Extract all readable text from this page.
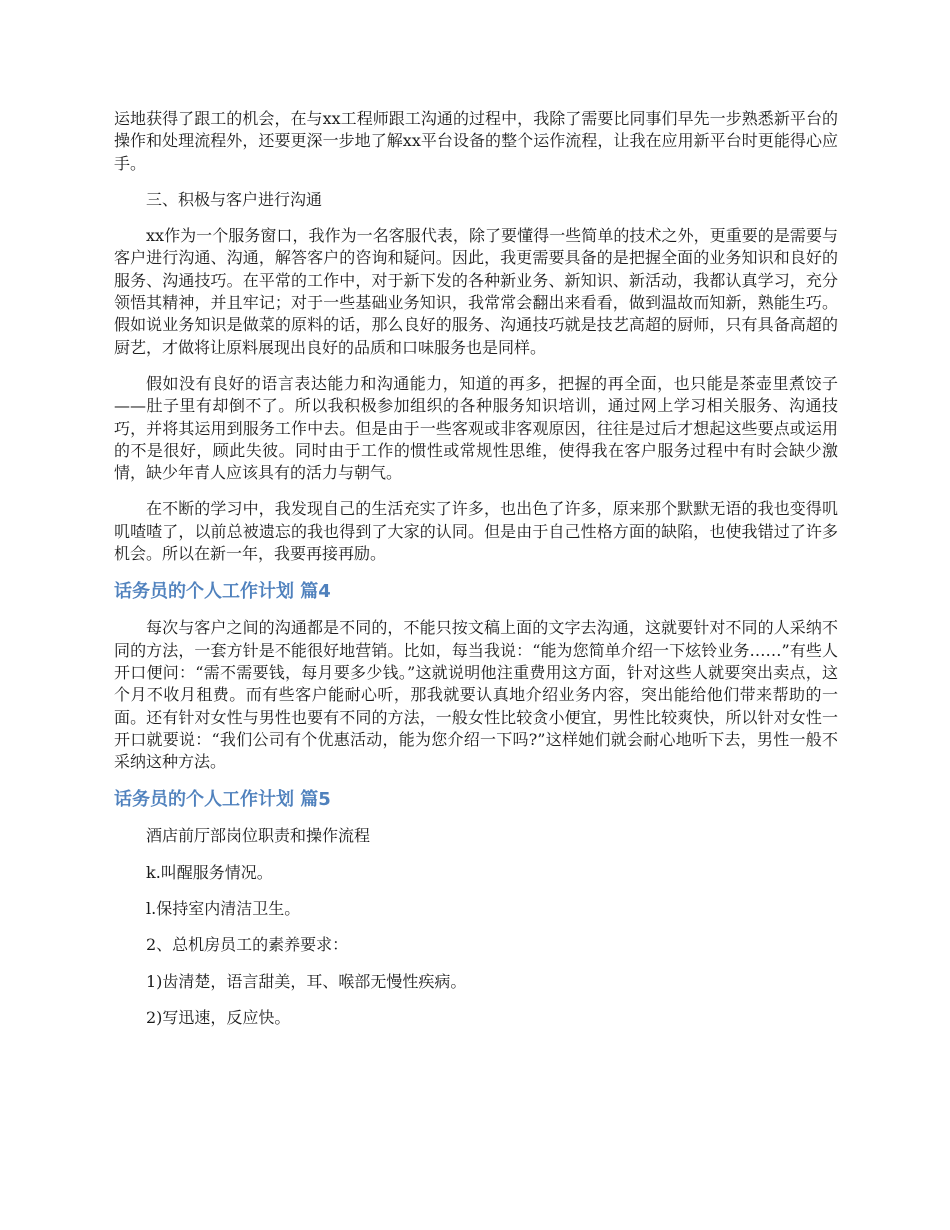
运地获得了跟工的机会，在与xx工程师跟工沟通的过程中，我除了需要比同事们早先一步熟悉新平台的操作和处理流程外，还要更深一步地了解xx平台设备的整个运作流程，让我在应用新平台时更能得心应手。

三、积极与客户进行沟通

xx作为一个服务窗口，我作为一名客服代表，除了要懂得一些简单的技术之外，更重要的是需要与客户进行沟通、沟通，解答客户的咨询和疑问。因此，我更需要具备的是把握全面的业务知识和良好的服务、沟通技巧。在平常的工作中，对于新下发的各种新业务、新知识、新活动，我都认真学习，充分领悟其精神，并且牢记；对于一些基础业务知识，我常常会翻出来看看，做到温故而知新，熟能生巧。假如说业务知识是做菜的原料的话，那么良好的服务、沟通技巧就是技艺高超的厨师，只有具备高超的厨艺，才做将让原料展现出良好的品质和口味服务也是同样。

假如没有良好的语言表达能力和沟通能力，知道的再多，把握的再全面，也只能是茶壶里煮饺子——肚子里有却倒不了。所以我积极参加组织的各种服务知识培训，通过网上学习相关服务、沟通技巧，并将其运用到服务工作中去。但是由于一些客观或非客观原因，往往是过后才想起这些要点或运用的不是很好，顾此失彼。同时由于工作的惯性或常规性思维，使得我在客户服务过程中有时会缺少激情，缺少年青人应该具有的活力与朝气。

在不断的学习中，我发现自己的生活充实了许多，也出色了许多，原来那个默默无语的我也变得叽叽喳喳了，以前总被遗忘的我也得到了大家的认同。但是由于自己性格方面的缺陷，也使我错过了许多机会。所以在新一年，我要再接再励。

话务员的个人工作计划 篇4

每次与客户之间的沟通都是不同的，不能只按文稿上面的文字去沟通，这就要针对不同的人采纳不同的方法，一套方针是不能很好地营销。比如，每当我说：“能为您简单介绍一下炫铃业务……”有些人开口便问：“需不需要钱，每月要多少钱。”这就说明他注重费用这方面，针对这些人就要突出卖点，这个月不收月租费。而有些客户能耐心听，那我就要认真地介绍业务内容，突出能给他们带来帮助的一面。还有针对女性与男性也要有不同的方法，一般女性比较贪小便宜，男性比较爽快，所以针对女性一开口就要说：“我们公司有个优惠活动，能为您介绍一下吗?”这样她们就会耐心地听下去，男性一般不采纳这种方法。

话务员的个人工作计划 篇5

酒店前厅部岗位职责和操作流程

k.叫醒服务情况。

l.保持室内清洁卫生。

2、总机房员工的素养要求：

1)齿清楚，语言甜美，耳、喉部无慢性疾病。

2)写迅速，反应快。
